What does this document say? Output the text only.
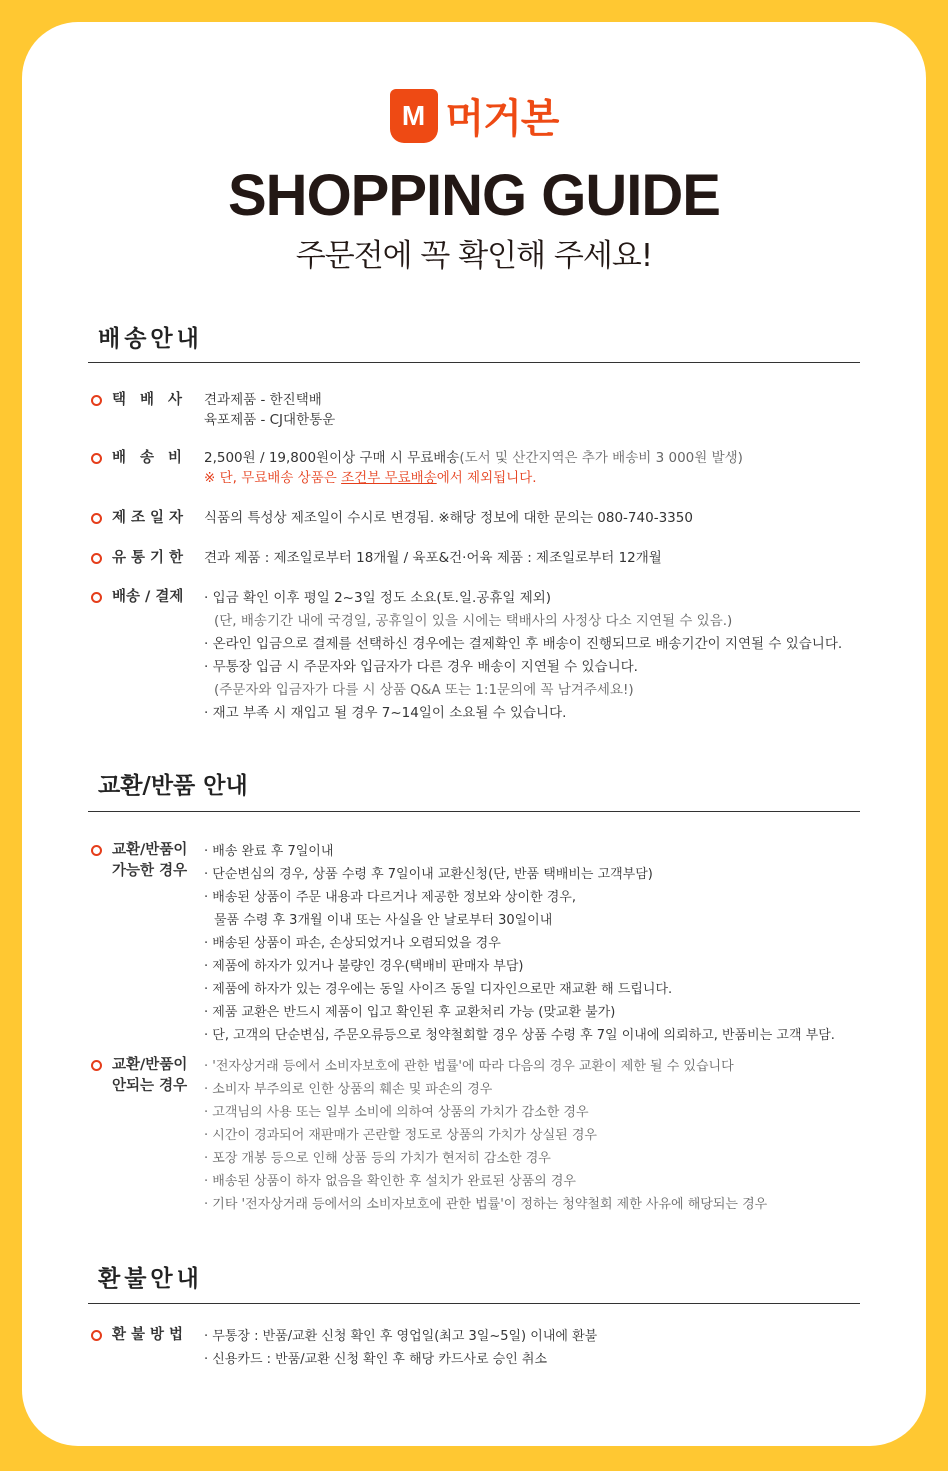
M 머거본
SHOPPING GUIDE
주문전에 꼭 확인해 주세요!
배송안내
택배사 견과제품 - 한진택배
육포제품 - CJ대한통운
배송비 2,500원 / 19,800원이상 구매 시 무료배송(도서 및 산간지역은 추가 배송비 3 000원 발생)
※ 단, 무료배송 상품은 조건부 무료배송에서 제외됩니다.
제조일자 식품의 특성상 제조일이 수시로 변경됨. ※해당 정보에 대한 문의는 080-740-3350
유통기한 견과 제품 : 제조일로부터 18개월 / 육포&건·어육 제품 : 제조일로부터 12개월
배송 / 결제 · 입금 확인 이후 평일 2~3일 정도 소요(토.일.공휴일 제외)
(단, 배송기간 내에 국경일, 공휴일이 있을 시에는 택배사의 사정상 다소 지연될 수 있음.)
· 온라인 입금으로 결제를 선택하신 경우에는 결제확인 후 배송이 진행되므로 배송기간이 지연될 수 있습니다.
· 무통장 입금 시 주문자와 입금자가 다른 경우 배송이 지연될 수 있습니다.
(주문자와 입금자가 다를 시 상품 Q&A 또는 1:1문의에 꼭 남겨주세요!)
· 재고 부족 시 재입고 될 경우 7~14일이 소요될 수 있습니다.
교환/반품 안내
교환/반품이
가능한 경우
· 배송 완료 후 7일이내
· 단순변심의 경우, 상품 수령 후 7일이내 교환신청(단, 반품 택배비는 고객부담)
· 배송된 상품이 주문 내용과 다르거나 제공한 정보와 상이한 경우,
물품 수령 후 3개월 이내 또는 사실을 안 날로부터 30일이내
· 배송된 상품이 파손, 손상되었거나 오렴되었을 경우
· 제품에 하자가 있거나 불량인 경우(택배비 판매자 부담)
· 제품에 하자가 있는 경우에는 동일 사이즈 동일 디자인으로만 재교환 해 드립니다.
· 제품 교환은 반드시 제품이 입고 확인된 후 교환처리 가능 (맞교환 불가)
· 단, 고객의 단순변심, 주문오류등으로 청약철회할 경우 상품 수령 후 7일 이내에 의뢰하고, 반품비는 고객 부담.
교환/반품이
안되는 경우
· '전자상거래 등에서 소비자보호에 관한 법률'에 따라 다음의 경우 교환이 제한 될 수 있습니다
· 소비자 부주의로 인한 상품의 훼손 및 파손의 경우
· 고객님의 사용 또는 일부 소비에 의하여 상품의 가치가 감소한 경우
· 시간이 경과되어 재판매가 곤란할 정도로 상품의 가치가 상실된 경우
· 포장 개봉 등으로 인해 상품 등의 가치가 현저히 감소한 경우
· 배송된 상품이 하자 없음을 확인한 후 설치가 완료된 상품의 경우
· 기타 '전자상거래 등에서의 소비자보호에 관한 법률'이 정하는 청약철회 제한 사유에 해당되는 경우
환불안내
환불방법 · 무통장 : 반품/교환 신청 확인 후 영업일(최고 3일~5일) 이내에 환불
· 신용카드 : 반품/교환 신청 확인 후 해당 카드사로 승인 취소
